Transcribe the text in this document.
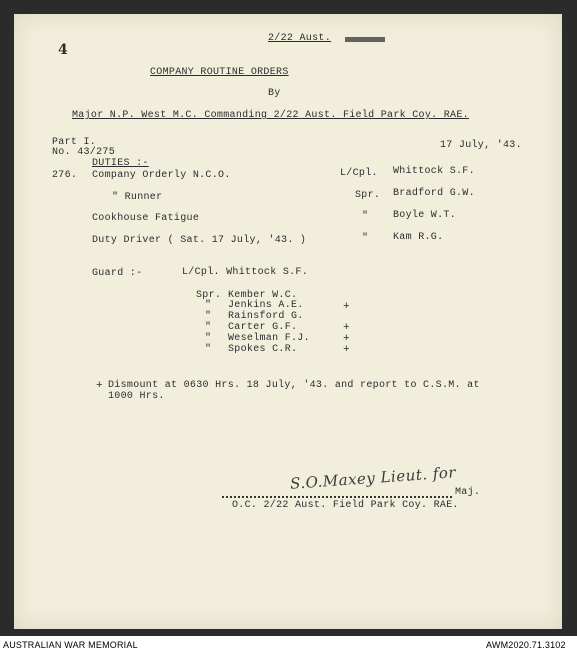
4
2/22 Aust.
COMPANY ROUTINE ORDERS
By
Major N.P. West M.C. Commanding 2/22 Aust. Field Park Coy. RAE.
Part I.
No. 43/275
17 July, '43.
DUTIES :-
276. Company Orderly N.C.O.	L/Cpl. Whittock S.F.
" Runner	Spr. Bradford G.W.
Cookhouse Fatigue	" Boyle W.T.
Duty Driver ( Sat. 17 July, '43. )	" Kam R.G.
Guard :-	L/Cpl. Whittock S.F.
Spr. Kember W.C.
" Jenkins A.E.	+
" Rainsford G.
" Carter G.F.	+
" Weselman F.J.	+
" Spokes C.R.	+
+ Dismount at 0630 Hrs. 18 July, '43. and report to C.S.M. at
1000 Hrs.
S.O.Maxey Lieut. for
Maj.
O.C. 2/22 Aust. Field Park Coy. RAE.
AUSTRALIAN WAR MEMORIAL	AWM2020.71.3102
